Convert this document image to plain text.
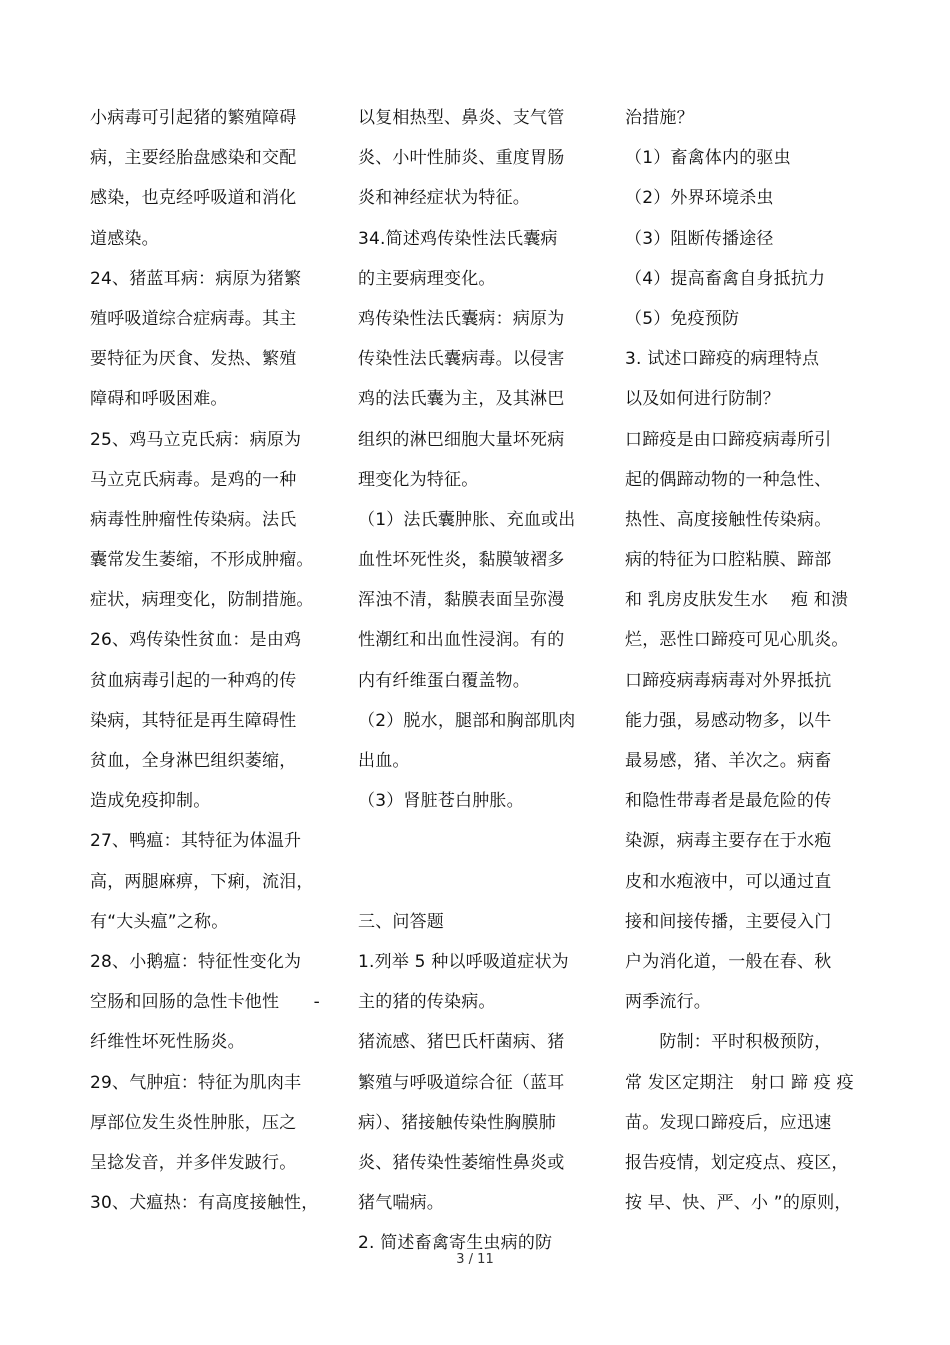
小病毒可引起猪的繁殖障碍
病，主要经胎盘感染和交配
感染，也克经呼吸道和消化
道感染。
24、猪蓝耳病：病原为猪繁
殖呼吸道综合症病毒。其主
要特征为厌食、发热、繁殖
障碍和呼吸困难。
25、鸡马立克氏病：病原为
马立克氏病毒。是鸡的一种
病毒性肿瘤性传染病。法氏
囊常发生萎缩，不形成肿瘤。
症状，病理变化，防制措施。
26、鸡传染性贫血：是由鸡
贫血病毒引起的一种鸡的传
染病，其特征是再生障碍性
贫血，全身淋巴组织萎缩，
造成免疫抑制。
27、鸭瘟：其特征为体温升
高，两腿麻痹，下痢，流泪，
有“大头瘟”之称。
28、小鹅瘟：特征性变化为
空肠和回肠的急性卡他性　　-
纤维性坏死性肠炎。
29、气肿疽：特征为肌肉丰
厚部位发生炎性肿胀，压之
呈捻发音，并多伴发跛行。
30、犬瘟热：有高度接触性，
以复相热型、鼻炎、支气管
炎、小叶性肺炎、重度胃肠
炎和神经症状为特征。
34.简述鸡传染性法氏囊病
的主要病理变化。
鸡传染性法氏囊病：病原为
传染性法氏囊病毒。以侵害
鸡的法氏囊为主，及其淋巴
组织的淋巴细胞大量坏死病
理变化为特征。
（1）法氏囊肿胀、充血或出
血性坏死性炎，黏膜皱褶多
浑浊不清，黏膜表面呈弥漫
性潮红和出血性浸润。有的
内有纤维蛋白覆盖物。
（2）脱水，腿部和胸部肌肉
出血。
（3）肾脏苍白肿胀。
三、问答题
1.列举 5 种以呼吸道症状为
主的猪的传染病。
猪流感、猪巴氏杆菌病、猪
繁殖与呼吸道综合征（蓝耳
病）、猪接触传染性胸膜肺
炎、猪传染性萎缩性鼻炎或
猪气喘病。
2. 简述畜禽寄生虫病的防
治措施？
（1）畜禽体内的驱虫
（2）外界环境杀虫
（3）阻断传播途径
（4）提高畜禽自身抵抗力
（5）免疫预防
3. 试述口蹄疫的病理特点
以及如何进行防制？
口蹄疫是由口蹄疫病毒所引
起的偶蹄动物的一种急性、
热性、高度接触性传染病。
病的特征为口腔粘膜、蹄部
和 乳房皮肤发生水　 疱 和溃
烂，恶性口蹄疫可见心肌炎。
口蹄疫病毒病毒对外界抵抗
能力强，易感动物多，以牛
最易感，猪、羊次之。病畜
和隐性带毒者是最危险的传
染源，病毒主要存在于水疱
皮和水疱液中，可以通过直
接和间接传播，主要侵入门
户为消化道，一般在春、秋
两季流行。
　　防制：平时积极预防，
常 发区定期注　射口 蹄 疫 疫
苗。发现口蹄疫后，应迅速
报告疫情，划定疫点、疫区，
按 早、快、严、小 ”的原则，
3 / 11
